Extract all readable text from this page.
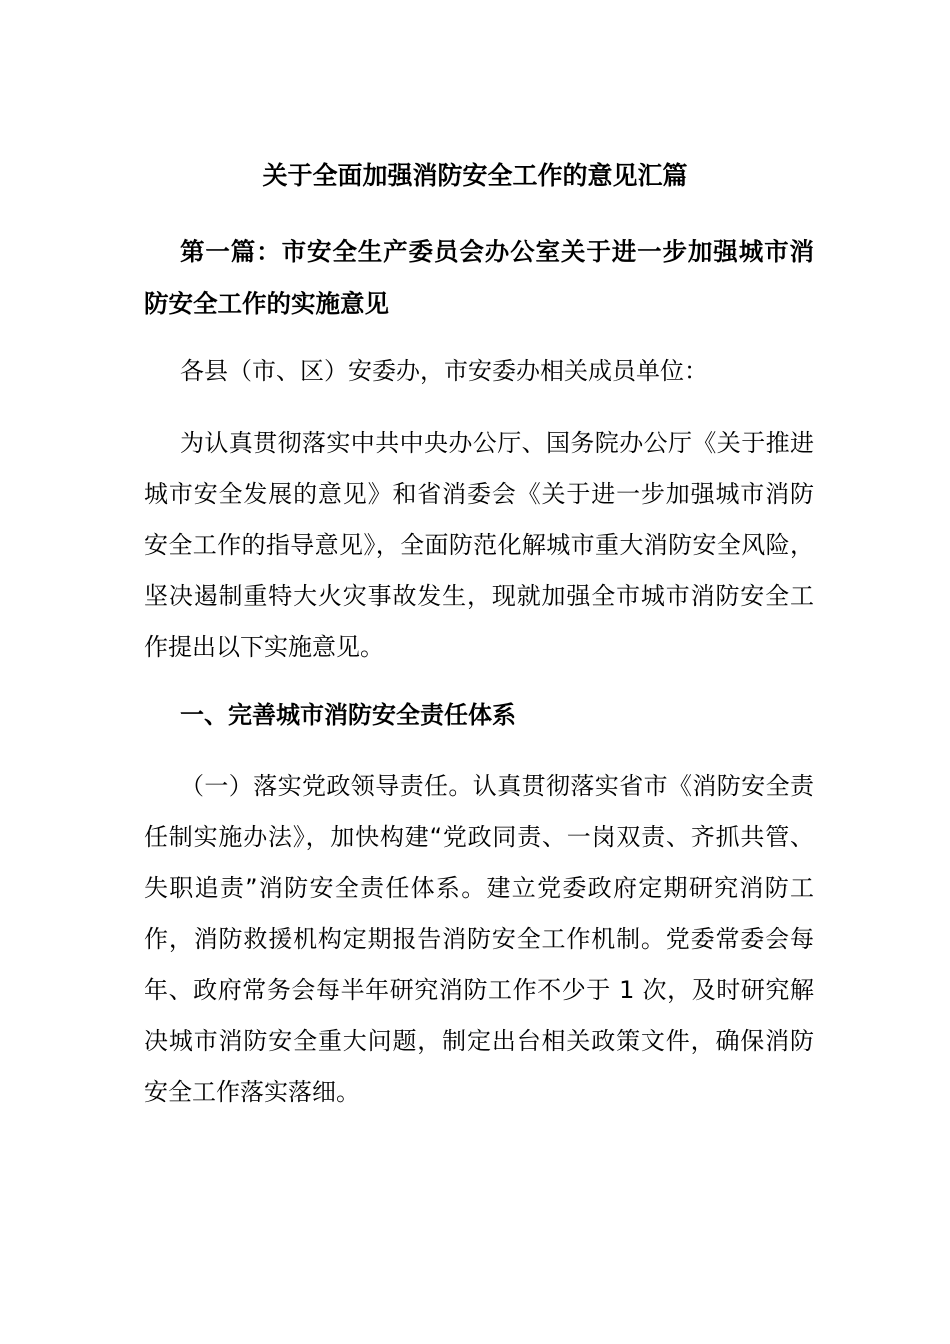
关于全面加强消防安全工作的意见汇篇

第一篇：市安全生产委员会办公室关于进一步加强城市消防安全工作的实施意见

各县（市、区）安委办，市安委办相关成员单位：

为认真贯彻落实中共中央办公厅、国务院办公厅《关于推进城市安全发展的意见》和省消委会《关于进一步加强城市消防安全工作的指导意见》，全面防范化解城市重大消防安全风险，坚决遏制重特大火灾事故发生，现就加强全市城市消防安全工作提出以下实施意见。

一、完善城市消防安全责任体系

（一）落实党政领导责任。认真贯彻落实省市《消防安全责任制实施办法》，加快构建“党政同责、一岗双责、齐抓共管、失职追责”消防安全责任体系。建立党委政府定期研究消防工作，消防救援机构定期报告消防安全工作机制。党委常委会每年、政府常务会每半年研究消防工作不少于 1 次，及时研究解决城市消防安全重大问题，制定出台相关政策文件，确保消防安全工作落实落细。
